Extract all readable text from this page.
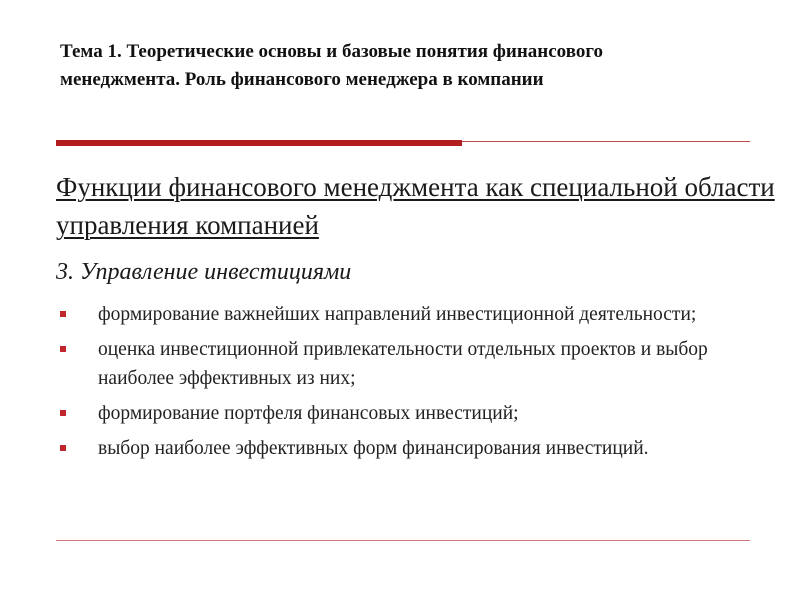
Тема 1. Теоретические основы и базовые понятия финансового менеджмента. Роль финансового менеджера в компании
Функции финансового менеджмента как специальной области управления компанией
3. Управление инвестициями
формирование важнейших направлений инвестиционной деятельности;
оценка инвестиционной привлекательности отдельных проектов и выбор наиболее эффективных из них;
формирование портфеля финансовых инвестиций;
выбор наиболее эффективных форм финансирования инвестиций.
